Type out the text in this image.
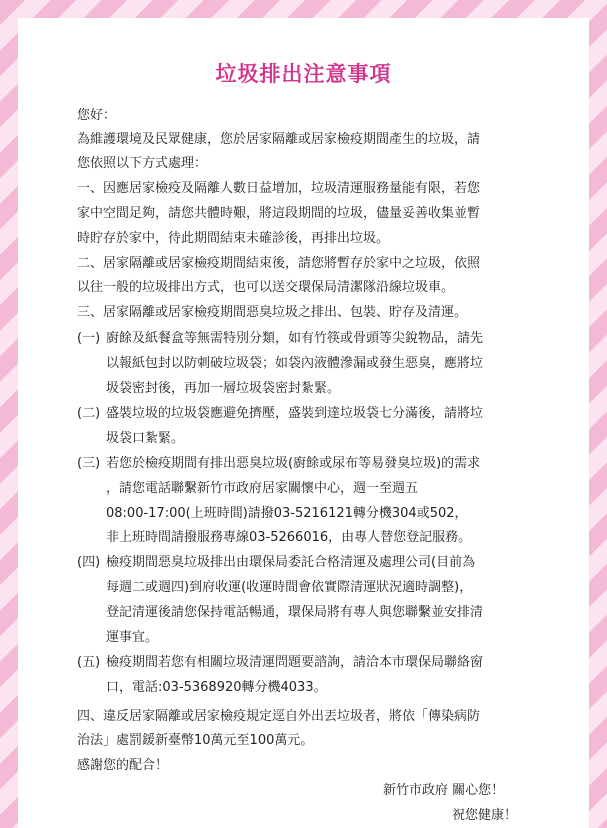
垃圾排出注意事項
您好：
為維護環境及民眾健康，您於居家隔離或居家檢疫期間產生的垃圾，請
您依照以下方式處理：
一、因應居家檢疫及隔離人數日益增加，垃圾清運服務量能有限，若您
家中空間足夠，請您共體時艱，將這段期間的垃圾，儘量妥善收集並暫
時貯存於家中，待此期間結束未確診後，再排出垃圾。
二、居家隔離或居家檢疫期間結束後，請您將暫存於家中之垃圾，依照
以往一般的垃圾排出方式，也可以送交環保局清潔隊沿線垃圾車。
三、居家隔離或居家檢疫期間惡臭垃圾之排出、包裝、貯存及清運。
(一) 廚餘及紙餐盒等無需特別分類，如有竹筷或骨頭等尖銳物品，請先
以報紙包封以防刺破垃圾袋；如袋內液體滲漏或發生惡臭，應將垃
圾袋密封後，再加一層垃圾袋密封紮緊。
(二) 盛裝垃圾的垃圾袋應避免擠壓，盛裝到達垃圾袋七分滿後，請將垃
圾袋口紮緊。
(三) 若您於檢疫期間有排出惡臭垃圾(廚餘或尿布等易發臭垃圾)的需求
，請您電話聯繫新竹市政府居家關懷中心，週一至週五
08:00-17:00(上班時間)請撥03-5216121轉分機304或502，
非上班時間請撥服務專線03-5266016，由專人替您登記服務。
(四) 檢疫期間惡臭垃圾排出由環保局委託合格清運及處理公司(目前為
每週二或週四)到府收運(收運時間會依實際清運狀況適時調整)，
登記清運後請您保持電話暢通，環保局將有專人與您聯繫並安排清
運事宜。
(五) 檢疫期間若您有相關垃圾清運問題要諮詢，請洽本市環保局聯絡窗
口，電話:03-5368920轉分機4033。
四、違反居家隔離或居家檢疫規定逕自外出丟垃圾者，將依「傳染病防
治法」處罰鍰新臺幣10萬元至100萬元。
感謝您的配合！
新竹市政府 關心您！
祝您健康！
